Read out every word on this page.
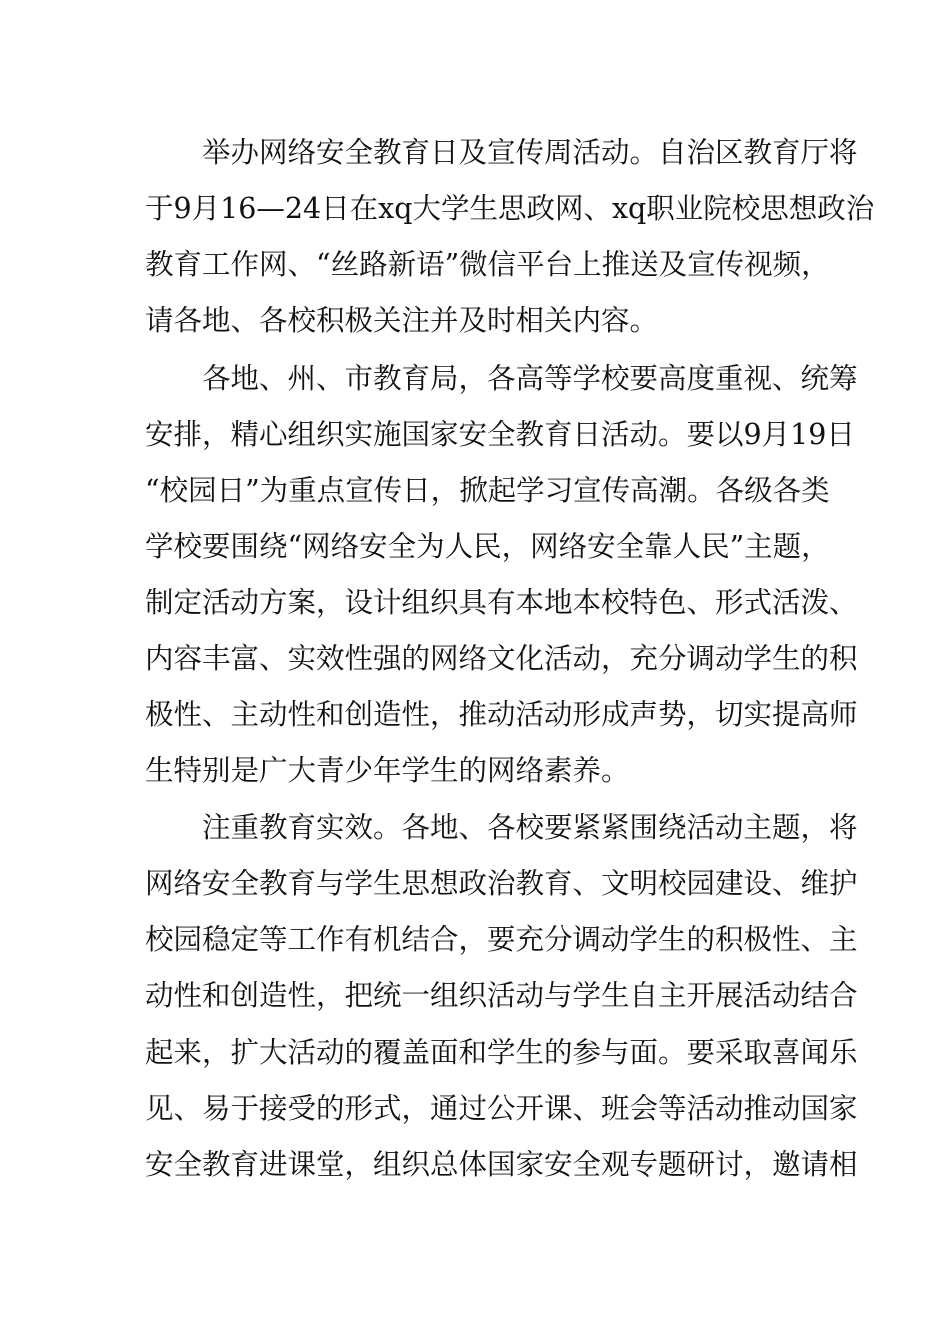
举办网络安全教育日及宣传周活动。自治区教育厅将
于9月16—24日在xq大学生思政网、xq职业院校思想政治
教育工作网、“丝路新语”微信平台上推送及宣传视频，
请各地、各校积极关注并及时相关内容。
各地、州、市教育局，各高等学校要高度重视、统筹
安排，精心组织实施国家安全教育日活动。要以9月19日
“校园日”为重点宣传日，掀起学习宣传高潮。各级各类
学校要围绕“网络安全为人民，网络安全靠人民”主题，
制定活动方案，设计组织具有本地本校特色、形式活泼、
内容丰富、实效性强的网络文化活动，充分调动学生的积
极性、主动性和创造性，推动活动形成声势，切实提高师
生特别是广大青少年学生的网络素养。
注重教育实效。各地、各校要紧紧围绕活动主题，将
网络安全教育与学生思想政治教育、文明校园建设、维护
校园稳定等工作有机结合，要充分调动学生的积极性、主
动性和创造性，把统一组织活动与学生自主开展活动结合
起来，扩大活动的覆盖面和学生的参与面。要采取喜闻乐
见、易于接受的形式，通过公开课、班会等活动推动国家
安全教育进课堂，组织总体国家安全观专题研讨，邀请相
